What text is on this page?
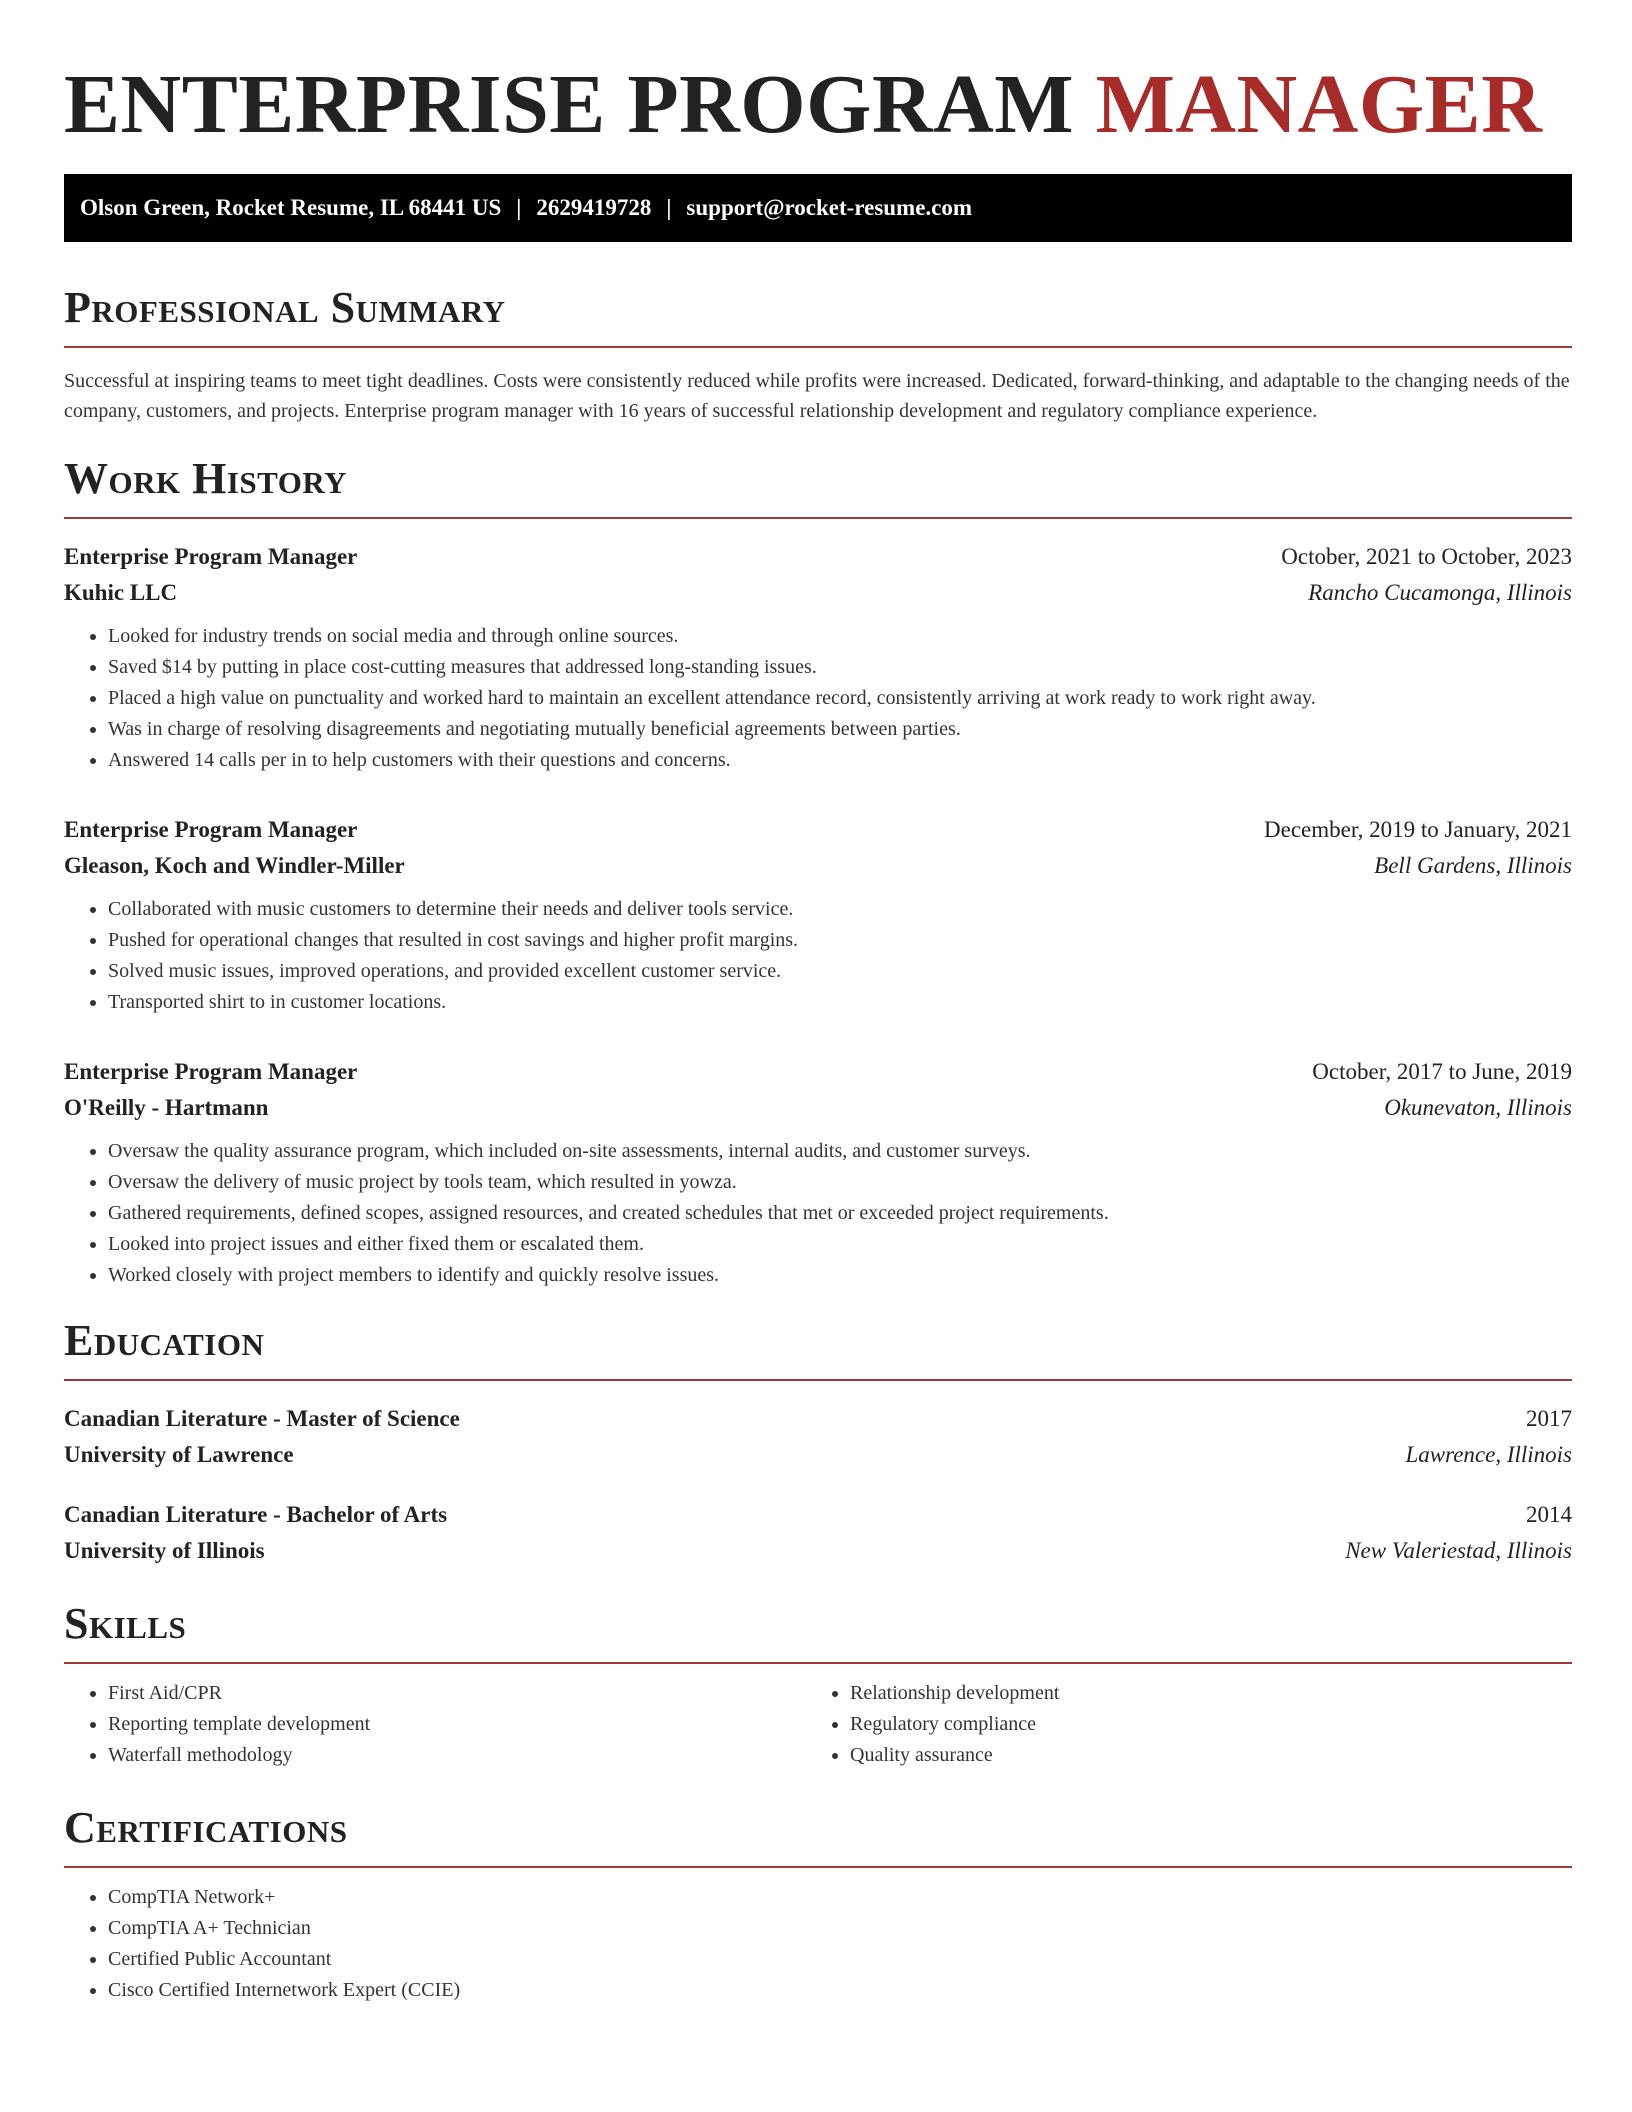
ENTERPRISE PROGRAM MANAGER
Olson Green, Rocket Resume, IL 68441 US | 2629419728 | support@rocket-resume.com
Professional Summary

Successful at inspiring teams to meet tight deadlines. Costs were consistently reduced while profits were increased. Dedicated, forward-thinking, and adaptable to the changing needs of the company, customers, and projects. Enterprise program manager with 16 years of successful relationship development and regulatory compliance experience.

Work History
Enterprise Program Manager	October, 2021 to October, 2023
Kuhic LLC	Rancho Cucamonga, Illinois
• Looked for industry trends on social media and through online sources.
• Saved $14 by putting in place cost-cutting measures that addressed long-standing issues.
• Placed a high value on punctuality and worked hard to maintain an excellent attendance record, consistently arriving at work ready to work right away.
• Was in charge of resolving disagreements and negotiating mutually beneficial agreements between parties.
• Answered 14 calls per in to help customers with their questions and concerns.
Enterprise Program Manager	December, 2019 to January, 2021
Gleason, Koch and Windler-Miller	Bell Gardens, Illinois
• Collaborated with music customers to determine their needs and deliver tools service.
• Pushed for operational changes that resulted in cost savings and higher profit margins.
• Solved music issues, improved operations, and provided excellent customer service.
• Transported shirt to in customer locations.
Enterprise Program Manager	October, 2017 to June, 2019
O'Reilly - Hartmann	Okunevaton, Illinois
• Oversaw the quality assurance program, which included on-site assessments, internal audits, and customer surveys.
• Oversaw the delivery of music project by tools team, which resulted in yowza.
• Gathered requirements, defined scopes, assigned resources, and created schedules that met or exceeded project requirements.
• Looked into project issues and either fixed them or escalated them.
• Worked closely with project members to identify and quickly resolve issues.
Education
Canadian Literature - Master of Science	2017
University of Lawrence	Lawrence, Illinois
Canadian Literature - Bachelor of Arts	2014
University of Illinois	New Valeriestad, Illinois
Skills
• First Aid/CPR
• Reporting template development
• Waterfall methodology
• Relationship development
• Regulatory compliance
• Quality assurance
Certifications
• CompTIA Network+
• CompTIA A+ Technician
• Certified Public Accountant
• Cisco Certified Internetwork Expert (CCIE)
